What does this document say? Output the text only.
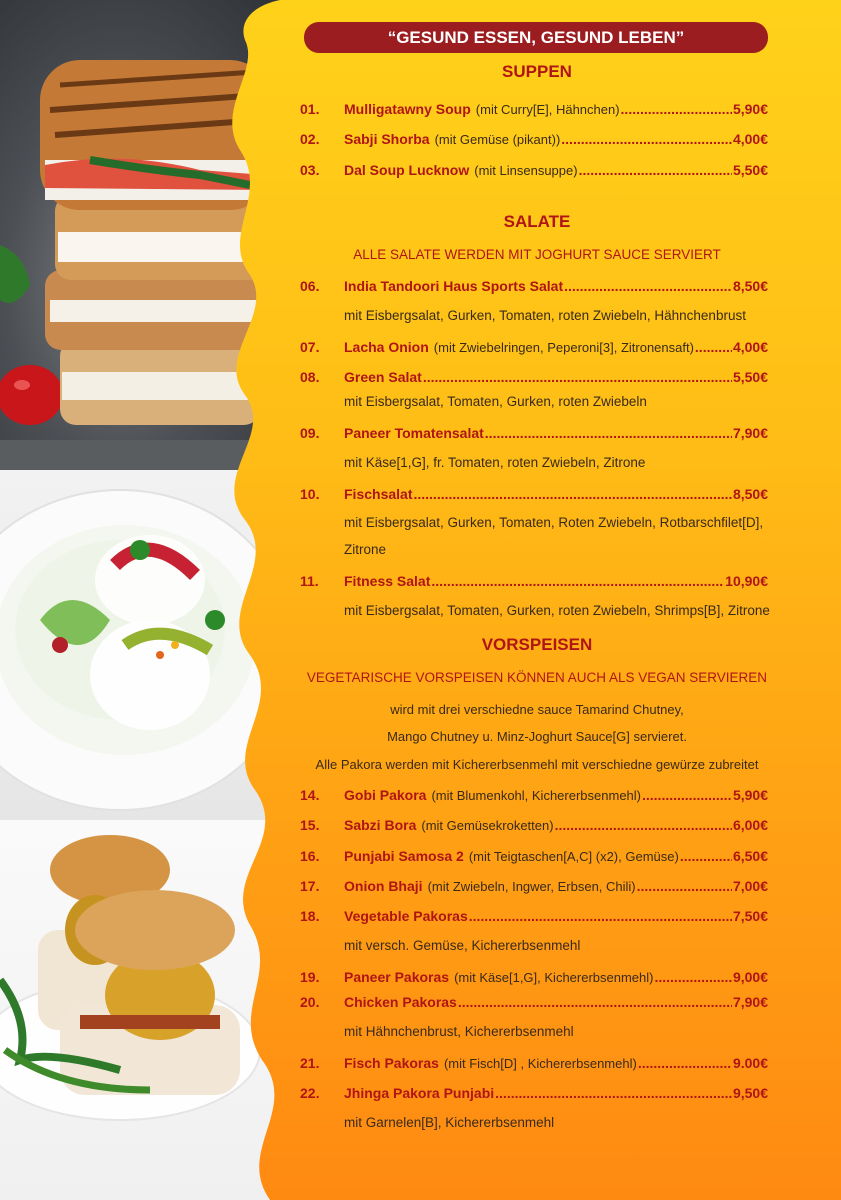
“GESUND ESSEN, GESUND LEBEN”
SUPPEN
01.	Mulligatawny Soup (mit Curry[E], Hähnchen) .....	5,90€
02.	Sabji Shorba (mit Gemüse (pikant)) .....	4,00€
03.	Dal Soup Lucknow (mit Linsensuppe) .....	5,50€
SALATE
ALLE SALATE WERDEN MIT JOGHURT SAUCE SERVIERT
06.	India Tandoori Haus Sports Salat .....	8,50€
mit Eisbergsalat, Gurken, Tomaten, roten Zwiebeln, Hähnchenbrust
07.	Lacha Onion (mit Zwiebelringen, Peperoni[3], Zitronensaft) .....	4,00€
08.	Green Salat .....	5,50€
mit Eisbergsalat, Tomaten, Gurken, roten Zwiebeln
09.	Paneer Tomatensalat .....	7,90€
mit Käse[1,G], fr. Tomaten, roten Zwiebeln, Zitrone
10.	Fischsalat .....	8,50€
mit Eisbergsalat, Gurken, Tomaten, Roten Zwiebeln, Rotbarschfilet[D],
Zitrone
11.	Fitness Salat .....	10,90€
mit Eisbergsalat, Tomaten, Gurken, roten Zwiebeln, Shrimps[B], Zitrone
VORSPEISEN
VEGETARISCHE VORSPEISEN KÖNNEN AUCH ALS VEGAN SERVIEREN
wird mit drei verschiedne sauce Tamarind Chutney,
Mango Chutney u. Minz-Joghurt Sauce[G] servieret.
Alle Pakora werden mit Kichererbsenmehl mit verschiedne gewürze zubreitet
14.	Gobi Pakora (mit Blumenkohl, Kichererbsenmehl) .....	5,90€
15.	Sabzi Bora (mit Gemüsekroketten) .....	6,00€
16.	Punjabi Samosa 2 (mit Teigtaschen[A,C] (x2), Gemüse) .....	6,50€
17.	Onion Bhaji (mit Zwiebeln, Ingwer, Erbsen, Chili) .....	7,00€
18.	Vegetable Pakoras .....	7,50€
mit versch. Gemüse, Kichererbsenmehl
19.	Paneer Pakoras (mit Käse[1,G], Kichererbsenmehl) .....	9,00€
20.	Chicken Pakoras .....	7,90€
mit Hähnchenbrust, Kichererbsenmehl
21.	Fisch Pakoras (mit Fisch[D] , Kichererbsenmehl) .....	9.00€
22.	Jhinga Pakora Punjabi .....	9,50€
mit Garnelen[B], Kichererbsenmehl
